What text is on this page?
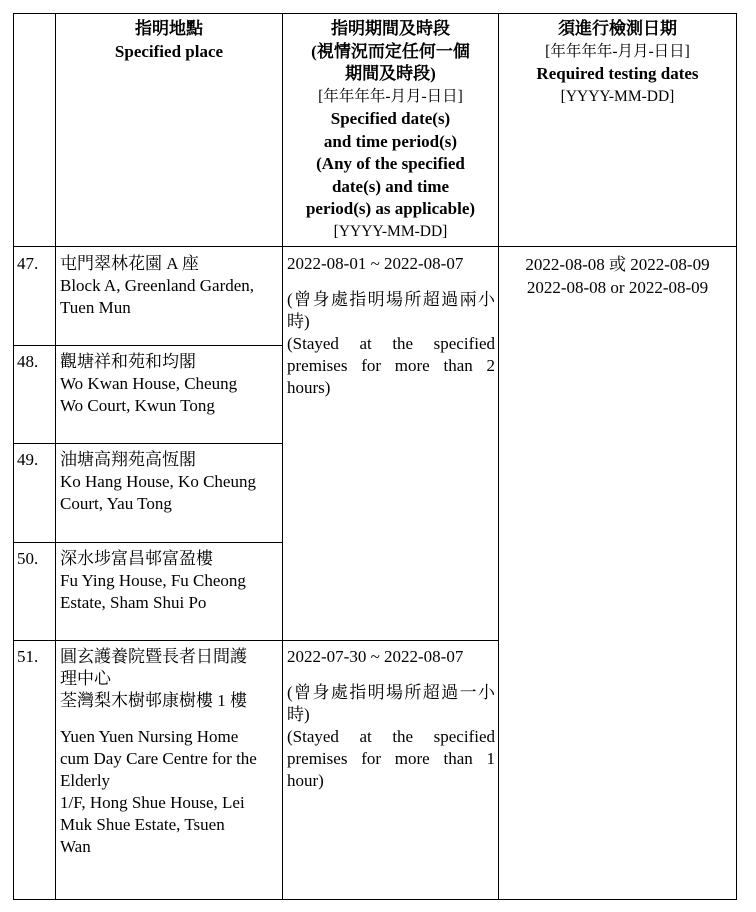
指明地點
Specified place
指明期間及時段
(視情況而定任何一個
期間及時段)
[年年年年-月月-日日]
Specified date(s)
and time period(s)
(Any of the specified
date(s) and time
period(s) as applicable)
[YYYY-MM-DD]
須進行檢測日期
[年年年年-月月-日日]
Required testing dates
[YYYY-MM-DD]
47.
48.
49.
50.
51.
屯門翠林花園 A 座
Block A, Greenland Garden,
Tuen Mun
觀塘祥和苑和均閣
Wo Kwan House, Cheung
Wo Court, Kwun Tong
油塘高翔苑高恆閣
Ko Hang House, Ko Cheung
Court, Yau Tong
深水埗富昌邨富盈樓
Fu Ying House, Fu Cheong
Estate, Sham Shui Po
圓玄護養院暨長者日間護
理中心
荃灣梨木樹邨康樹樓 1 樓
Yuen Yuen Nursing Home
cum Day Care Centre for the
Elderly
1/F, Hong Shue House, Lei
Muk Shue Estate, Tsuen
Wan
2022-08-01 ~ 2022-08-07
(曾身處指明場所超過兩小時)
(Stayed at the specified premises for more than 2 hours)
2022-07-30 ~ 2022-08-07
(曾身處指明場所超過一小時)
(Stayed at the specified premises for more than 1 hour)
2022-08-08 或 2022-08-09
2022-08-08 or 2022-08-09
